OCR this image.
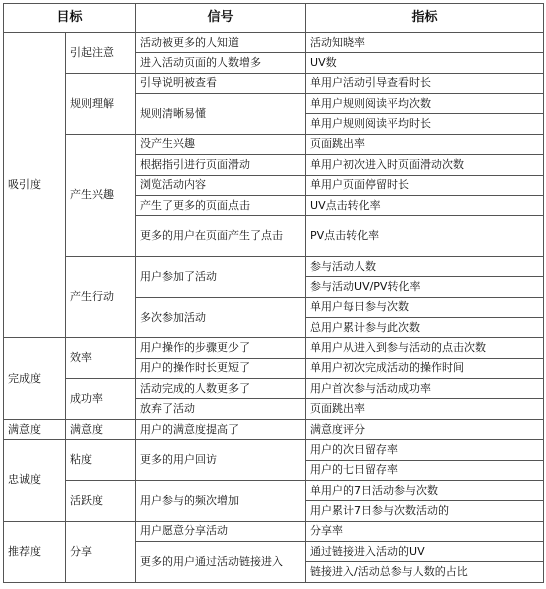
目标		信号	指标
吸引度	引起注意	活动被更多的人知道	活动知晓率
		进入活动页面的人数增多	UV数
	规则理解	引导说明被查看	单用户活动引导查看时长
		规则清晰易懂	单用户规则阅读平均次数
			单用户规则阅读平均时长
	产生兴趣	没产生兴趣	页面跳出率
		根据指引进行页面滑动	单用户初次进入时页面滑动次数
		浏览活动内容	单用户页面停留时长
		产生了更多的页面点击	UV点击转化率
		更多的用户在页面产生了点击	PV点击转化率
	产生行动	用户参加了活动	参与活动人数
			参与活动UV/PV转化率
		多次参加活动	单用户每日参与次数
			总用户累计参与此次数
完成度	效率	用户操作的步骤更少了	单用户从进入到参与活动的点击次数
		用户的操作时长更短了	单用户初次完成活动的操作时间
	成功率	活动完成的人数更多了	用户首次参与活动成功率
		放弃了活动	页面跳出率
满意度	满意度	用户的满意度提高了	满意度评分
忠诚度	粘度	更多的用户回访	用户的次日留存率
			用户的七日留存率
	活跃度	用户参与的频次增加	单用户的7日活动参与次数
			用户累计7日参与次数活动的
推荐度	分享	用户愿意分享活动	分享率
		更多的用户通过活动链接进入	通过链接进入活动的UV
			链接进入/活动总参与人数的占比
